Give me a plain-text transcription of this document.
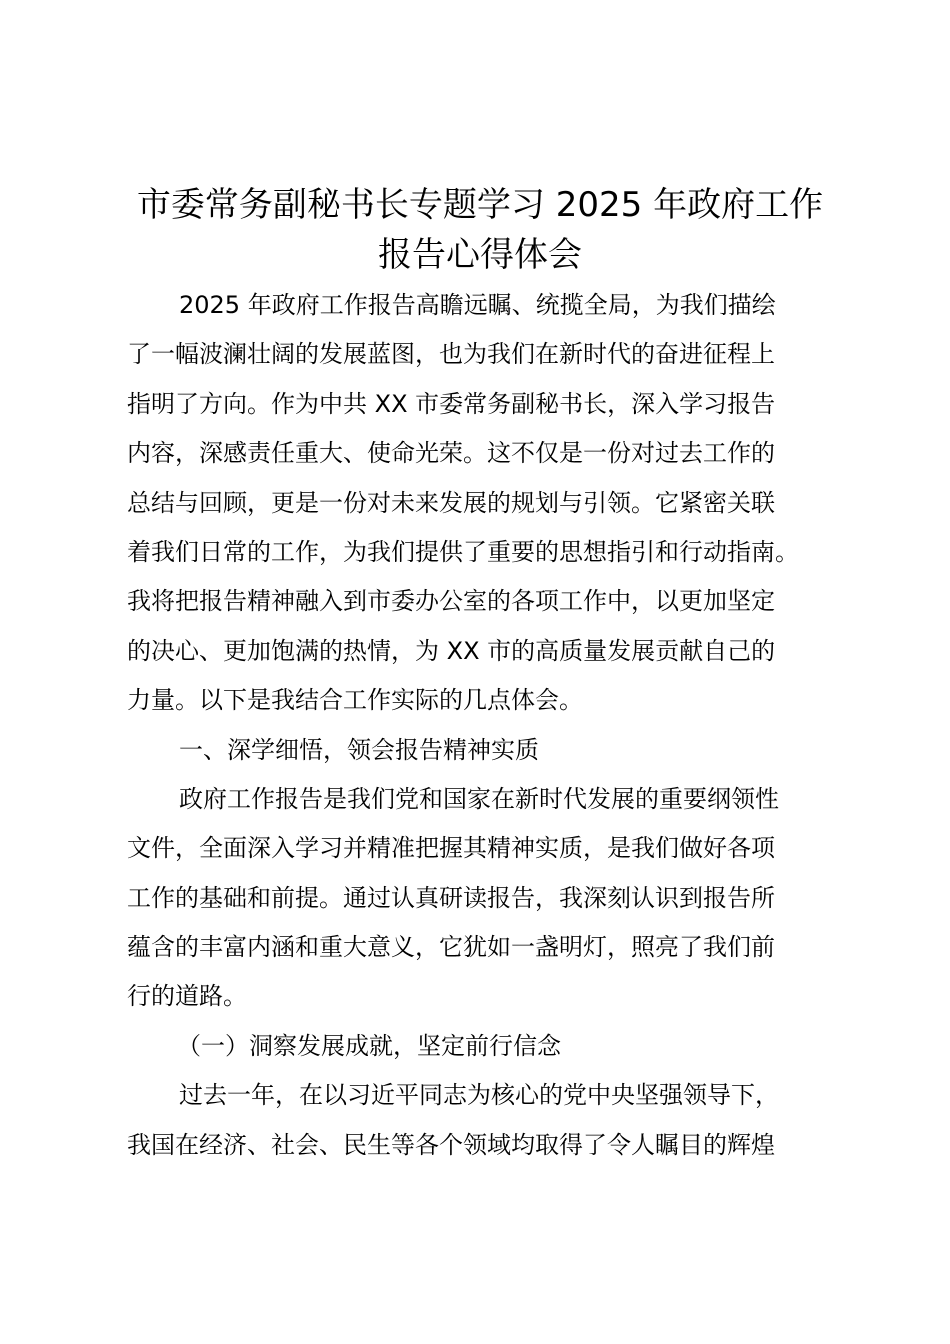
市委常务副秘书长专题学习 2025 年政府工作
报告心得体会
2025 年政府工作报告高瞻远瞩、统揽全局，为我们描绘
了一幅波澜壮阔的发展蓝图，也为我们在新时代的奋进征程上
指明了方向。作为中共 XX 市委常务副秘书长，深入学习报告
内容，深感责任重大、使命光荣。这不仅是一份对过去工作的
总结与回顾，更是一份对未来发展的规划与引领。它紧密关联
着我们日常的工作，为我们提供了重要的思想指引和行动指南。
我将把报告精神融入到市委办公室的各项工作中，以更加坚定
的决心、更加饱满的热情，为 XX 市的高质量发展贡献自己的
力量。以下是我结合工作实际的几点体会。
一、深学细悟，领会报告精神实质
政府工作报告是我们党和国家在新时代发展的重要纲领性
文件，全面深入学习并精准把握其精神实质，是我们做好各项
工作的基础和前提。通过认真研读报告，我深刻认识到报告所
蕴含的丰富内涵和重大意义，它犹如一盏明灯，照亮了我们前
行的道路。
（一）洞察发展成就，坚定前行信念
过去一年，在以习近平同志为核心的党中央坚强领导下，
我国在经济、社会、民生等各个领域均取得了令人瞩目的辉煌
